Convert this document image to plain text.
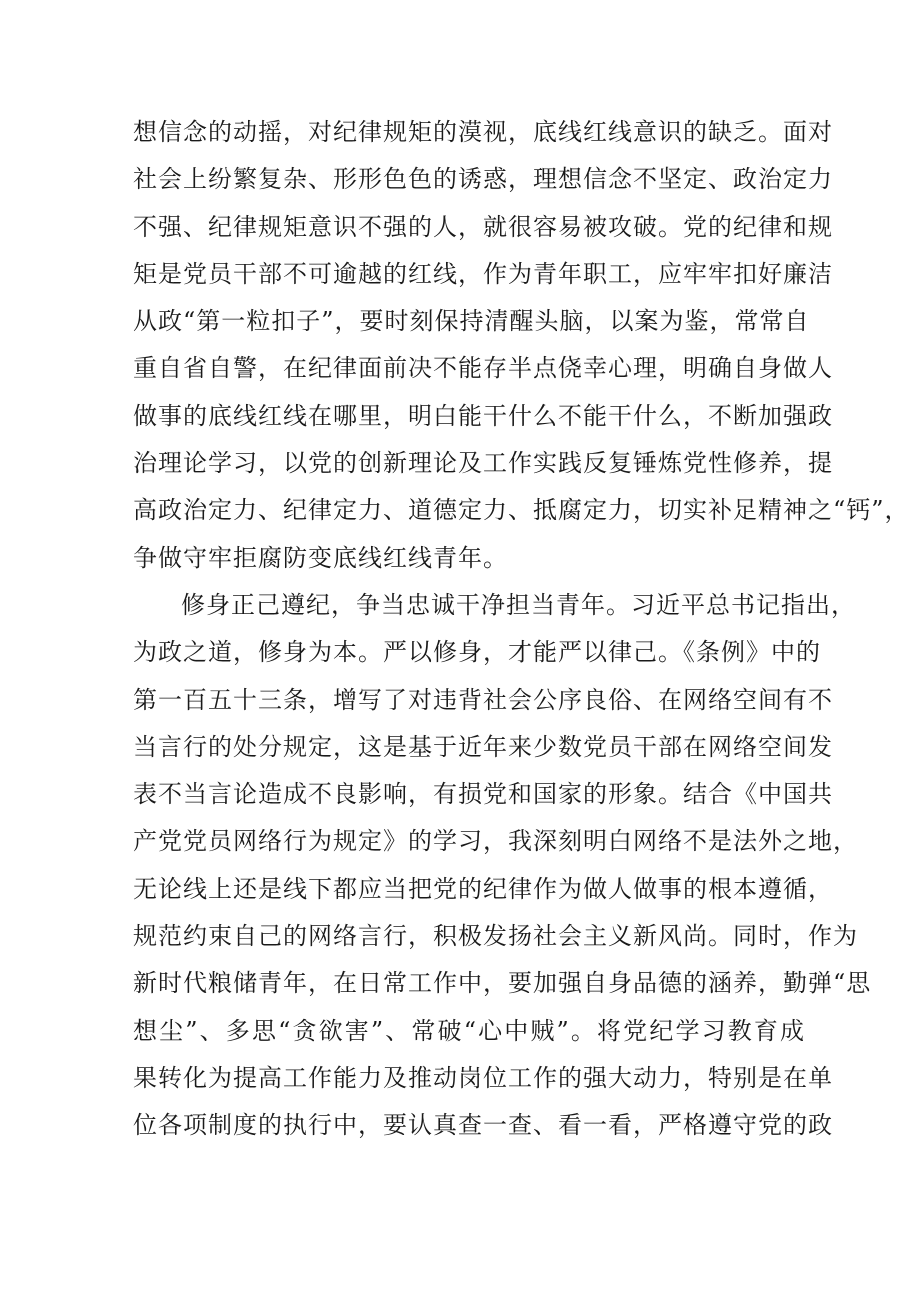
想信念的动摇，对纪律规矩的漠视，底线红线意识的缺乏。面对
社会上纷繁复杂、形形色色的诱惑，理想信念不坚定、政治定力
不强、纪律规矩意识不强的人，就很容易被攻破。党的纪律和规
矩是党员干部不可逾越的红线，作为青年职工，应牢牢扣好廉洁
从政“第一粒扣子”，要时刻保持清醒头脑，以案为鉴，常常自
重自省自警，在纪律面前决不能存半点侥幸心理，明确自身做人
做事的底线红线在哪里，明白能干什么不能干什么，不断加强政
治理论学习，以党的创新理论及工作实践反复锤炼党性修养，提
高政治定力、纪律定力、道德定力、抵腐定力，切实补足精神之“钙”，
争做守牢拒腐防变底线红线青年。
修身正己遵纪，争当忠诚干净担当青年。习近平总书记指出，
为政之道，修身为本。严以修身，才能严以律己。《条例》中的
第一百五十三条，增写了对违背社会公序良俗、在网络空间有不
当言行的处分规定，这是基于近年来少数党员干部在网络空间发
表不当言论造成不良影响，有损党和国家的形象。结合《中国共
产党党员网络行为规定》的学习，我深刻明白网络不是法外之地，
无论线上还是线下都应当把党的纪律作为做人做事的根本遵循，
规范约束自己的网络言行，积极发扬社会主义新风尚。同时，作为
新时代粮储青年，在日常工作中，要加强自身品德的涵养，勤弹“思
想尘”、多思“贪欲害”、常破“心中贼”。将党纪学习教育成
果转化为提高工作能力及推动岗位工作的强大动力，特别是在单
位各项制度的执行中，要认真查一查、看一看，严格遵守党的政
